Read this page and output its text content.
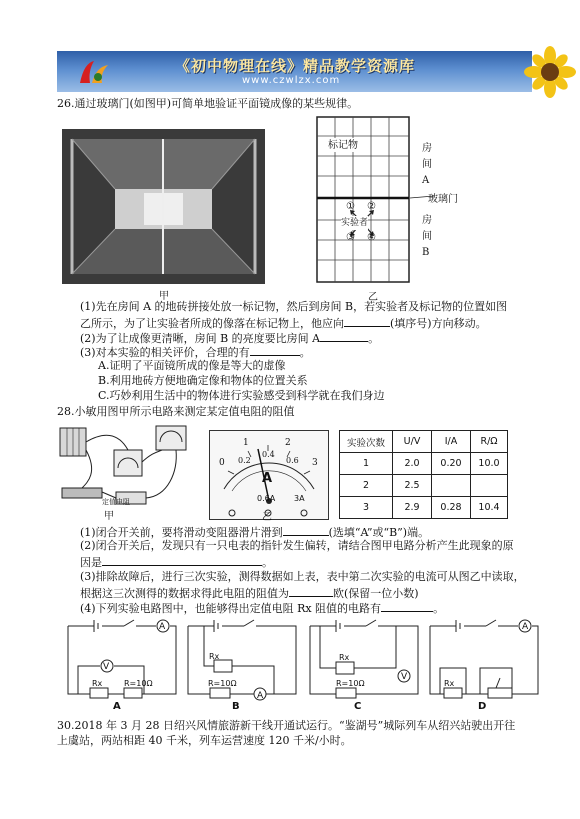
《初中物理在线》精品教学资源库
www.czwlzx.com
26.通过玻璃门(如图甲)可简单地验证平面镜成像的某些规律。
甲
标记物	房
间
A
玻璃门
房
间
B
实验者
① ②
③ ④
乙
(1)先在房间 A 的地砖拼接处放一标记物，然后到房间 B，若实验者及标记物的位置如图
乙所示，为了让实验者所成的像落在标记物上，他应向	(填序号)方向移动。
(2)为了让成像更清晰，房间 B 的亮度要比房间 A	。
(3)对本实验的相关评价，合理的有	。
A.证明了平面镜所成的像是等大的虚像
B.利用地砖方便地确定像和物体的位置关系
C.巧妙利用生活中的物体进行实验感受到科学就在我们身边
28.小敏用图甲所示电路来测定某定值电阻的阻值
定值电阻
甲
0
1	2
3
0.2
0.4
0.6
A
0.6A 3A
乙
实验次数	U/V	I/A	R/Ω
1	2.0	0.20	10.0
2	2.5		
3	2.9	0.28	10.4
(1)闭合开关前，要将滑动变阻器滑片滑到	(选填“A”或“B”)端。
(2)闭合开关后，发现只有一只电表的指针发生偏转，请结合图甲电路分析产生此现象的原
因是	。
(3)排除故障后，进行三次实验，测得数据如上表，表中第二次实验的电流可从图乙中读取，
根据这三次测得的数据求得此电阻的阻值为	欧(保留一位小数)
(4)下列实验电路图中，也能够得出定值电阻 Rx 阻值的电路有	。
V
A
Rx	R=10Ω
Rx
R=10Ω
A
Rx
R=10Ω
V
Rx
A
A	B	C	D
30.2018 年 3 月 28 日绍兴风情旅游新干线开通试运行。“鉴湖号”城际列车从绍兴站驶出开往
上虞站，两站相距 40 千米，列车运营速度 120 千米/小时。
